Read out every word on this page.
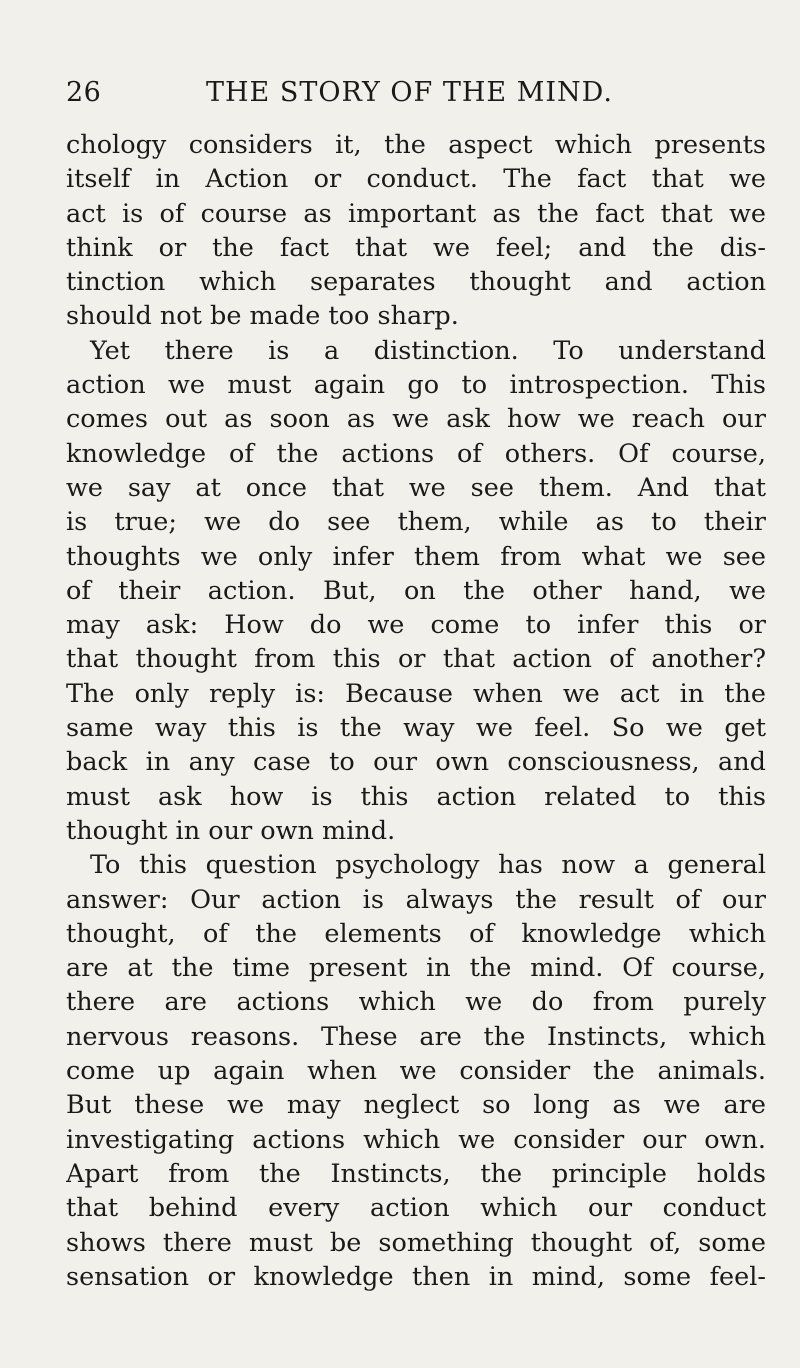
26	THE STORY OF THE MIND.
chology considers it, the aspect which presents
itself in Action or conduct. The fact that we
act is of course as important as the fact that we
think or the fact that we feel; and the dis-
tinction which separates thought and action
should not be made too sharp.
Yet there is a distinction. To understand
action we must again go to introspection. This
comes out as soon as we ask how we reach our
knowledge of the actions of others. Of course,
we say at once that we see them. And that
is true; we do see them, while as to their
thoughts we only infer them from what we see
of their action. But, on the other hand, we
may ask: How do we come to infer this or
that thought from this or that action of another?
The only reply is: Because when we act in the
same way this is the way we feel. So we get
back in any case to our own consciousness, and
must ask how is this action related to this
thought in our own mind.
To this question psychology has now a general
answer: Our action is always the result of our
thought, of the elements of knowledge which
are at the time present in the mind. Of course,
there are actions which we do from purely
nervous reasons. These are the Instincts, which
come up again when we consider the animals.
But these we may neglect so long as we are
investigating actions which we consider our own.
Apart from the Instincts, the principle holds
that behind every action which our conduct
shows there must be something thought of, some
sensation or knowledge then in mind, some feel-
